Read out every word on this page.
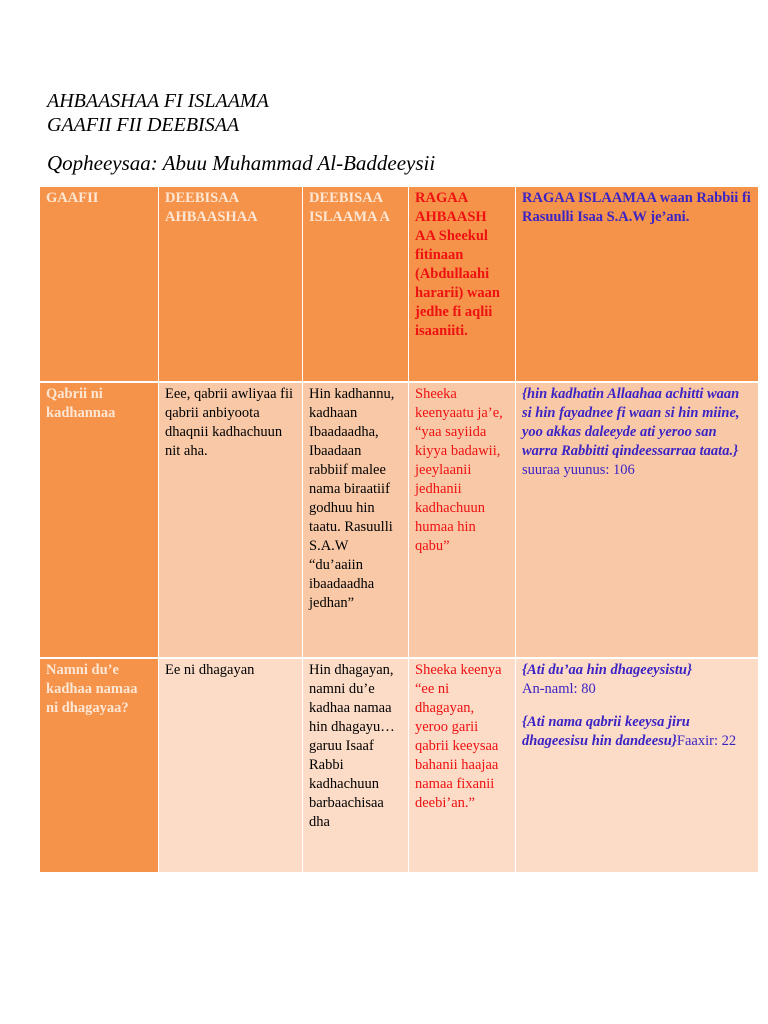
AHBAASHAA FI ISLAAMA
GAAFII FII DEEBISAA
Qopheeysaa: Abuu Muhammad Al-Baddeeysii
GAAFII	DEEBISAA AHBAASHAA	DEEBISAA ISLAAMA A	RAGAA AHBAASH AA Sheekul fitinaan (Abdullaahi hararii) waan jedhe fi aqlii isaaniiti.	RAGAA ISLAAMAA waan Rabbii fi Rasuulli Isaa S.A.W je’ani.
Qabrii ni kadhannaa	Eee, qabrii awliyaa fii qabrii anbiyoota dhaqnii kadhachuun nit aha.	Hin kadhannu, kadhaan Ibaadaadha, Ibaadaan rabbiif malee nama biraatiif godhuu hin taatu. Rasuulli S.A.W “du’aaiin ibaadaadha jedhan”	Sheeka keenyaatu ja’e, “yaa sayiida kiyya badawii, jeeylaanii jedhanii kadhachuun humaa hin qabu”	{hin kadhatin Allaahaa achitti waan si hin fayadnee fi waan si hin miine, yoo akkas daleeyde ati yeroo san warra Rabbitti qindeessarraa taata.} suuraa yuunus: 106

Namni du’e kadhaa namaa ni dhagayaa?	Ee ni dhagayan	Hin dhagayan, namni du’e kadhaa namaa hin dhagayu… garuu Isaaf Rabbi kadhachuun barbaachisaa dha	Sheeka keenya “ee ni dhagayan, yeroo garii qabrii keeysaa bahanii haajaa namaa fixanii deebi’an.”	{Ati du’aa hin dhageeysistu}
An-naml: 80
{Ati nama qabrii keeysa jiru dhageesisu hin dandeesu}Faaxir: 22
